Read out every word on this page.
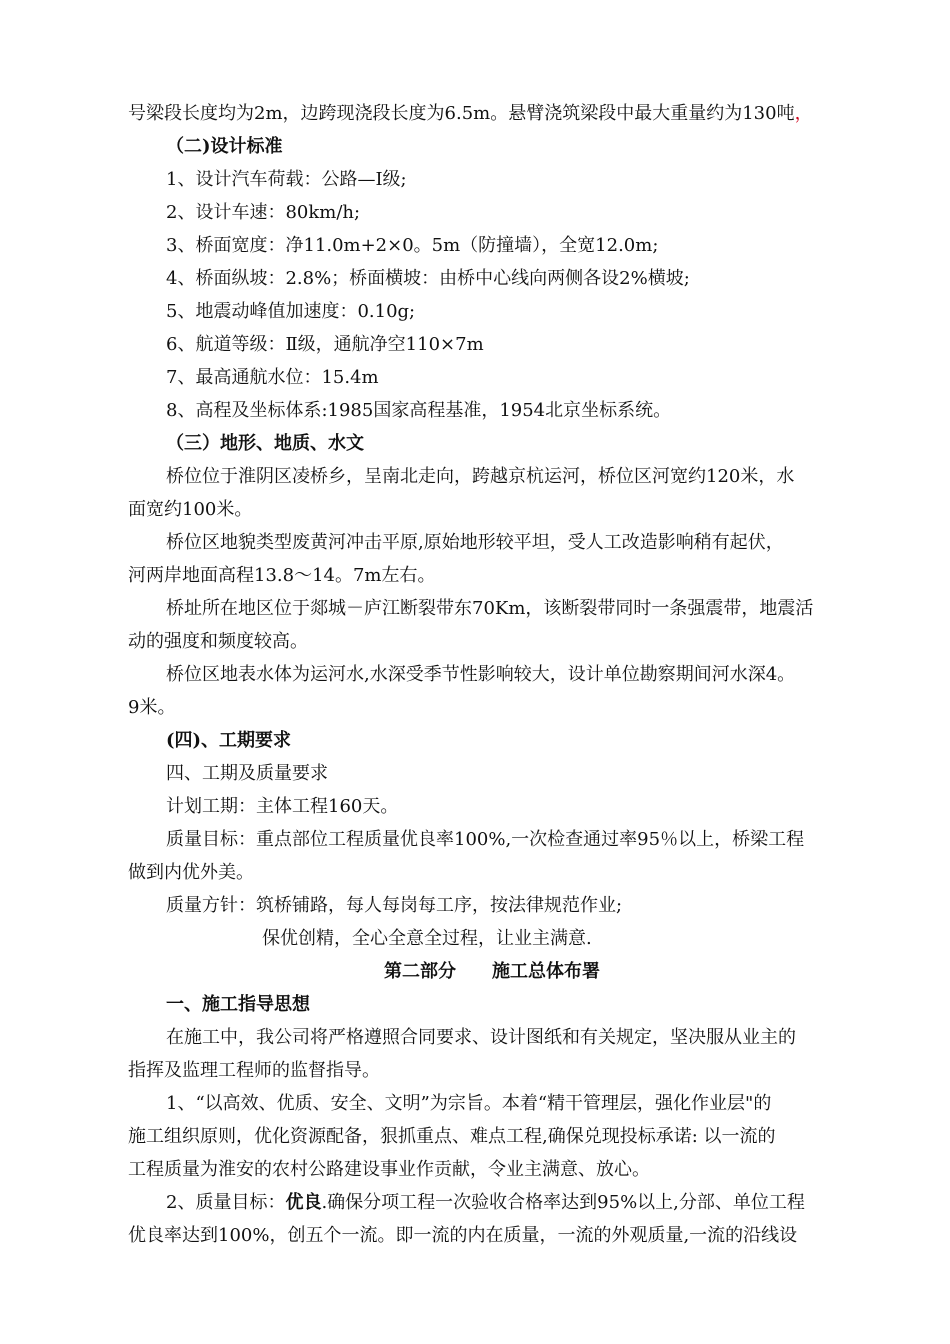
号梁段长度均为2m，边跨现浇段长度为6.5m。悬臂浇筑梁段中最大重量约为130吨，
（二)设计标准
1、设计汽车荷载：公路—I级;
2、设计车速：80km/h;
3、桥面宽度：净11.0m+2×0。5m（防撞墙），全宽12.0m;
4、桥面纵坡：2.8%；桥面横坡：由桥中心线向两侧各设2%横坡;
5、地震动峰值加速度：0.10g;
6、航道等级：Ⅱ级，通航净空110×7m
7、最高通航水位：15.4m
8、高程及坐标体系:1985国家高程基准，1954北京坐标系统。
（三）地形、地质、水文
桥位位于淮阴区凌桥乡，呈南北走向，跨越京杭运河，桥位区河宽约120米，水
面宽约100米。
桥位区地貌类型废黄河冲击平原,原始地形较平坦，受人工改造影响稍有起伏，
河两岸地面高程13.8～14。7m左右。
桥址所在地区位于郯城－庐江断裂带东70Km，该断裂带同时一条强震带，地震活
动的强度和频度较高。
桥位区地表水体为运河水,水深受季节性影响较大，设计单位勘察期间河水深4。
9米。
(四)、工期要求
四、工期及质量要求
计划工期：主体工程160天。
质量目标：重点部位工程质量优良率100%,一次检查通过率95％以上，桥梁工程
做到内优外美。
质量方针：筑桥铺路，每人每岗每工序，按法律规范作业;
保优创精，全心全意全过程，让业主满意.
第二部分　　施工总体布署
一、施工指导思想
在施工中，我公司将严格遵照合同要求、设计图纸和有关规定，坚决服从业主的
指挥及监理工程师的监督指导。
1、“以高效、优质、安全、文明”为宗旨。本着“精干管理层，强化作业层"的
施工组织原则，优化资源配备，狠抓重点、难点工程,确保兑现投标承诺: 以一流的
工程质量为淮安的农村公路建设事业作贡献，令业主满意、放心。
2、质量目标：优良.确保分项工程一次验收合格率达到95%以上,分部、单位工程
优良率达到100%，创五个一流。即一流的内在质量，一流的外观质量,一流的沿线设
